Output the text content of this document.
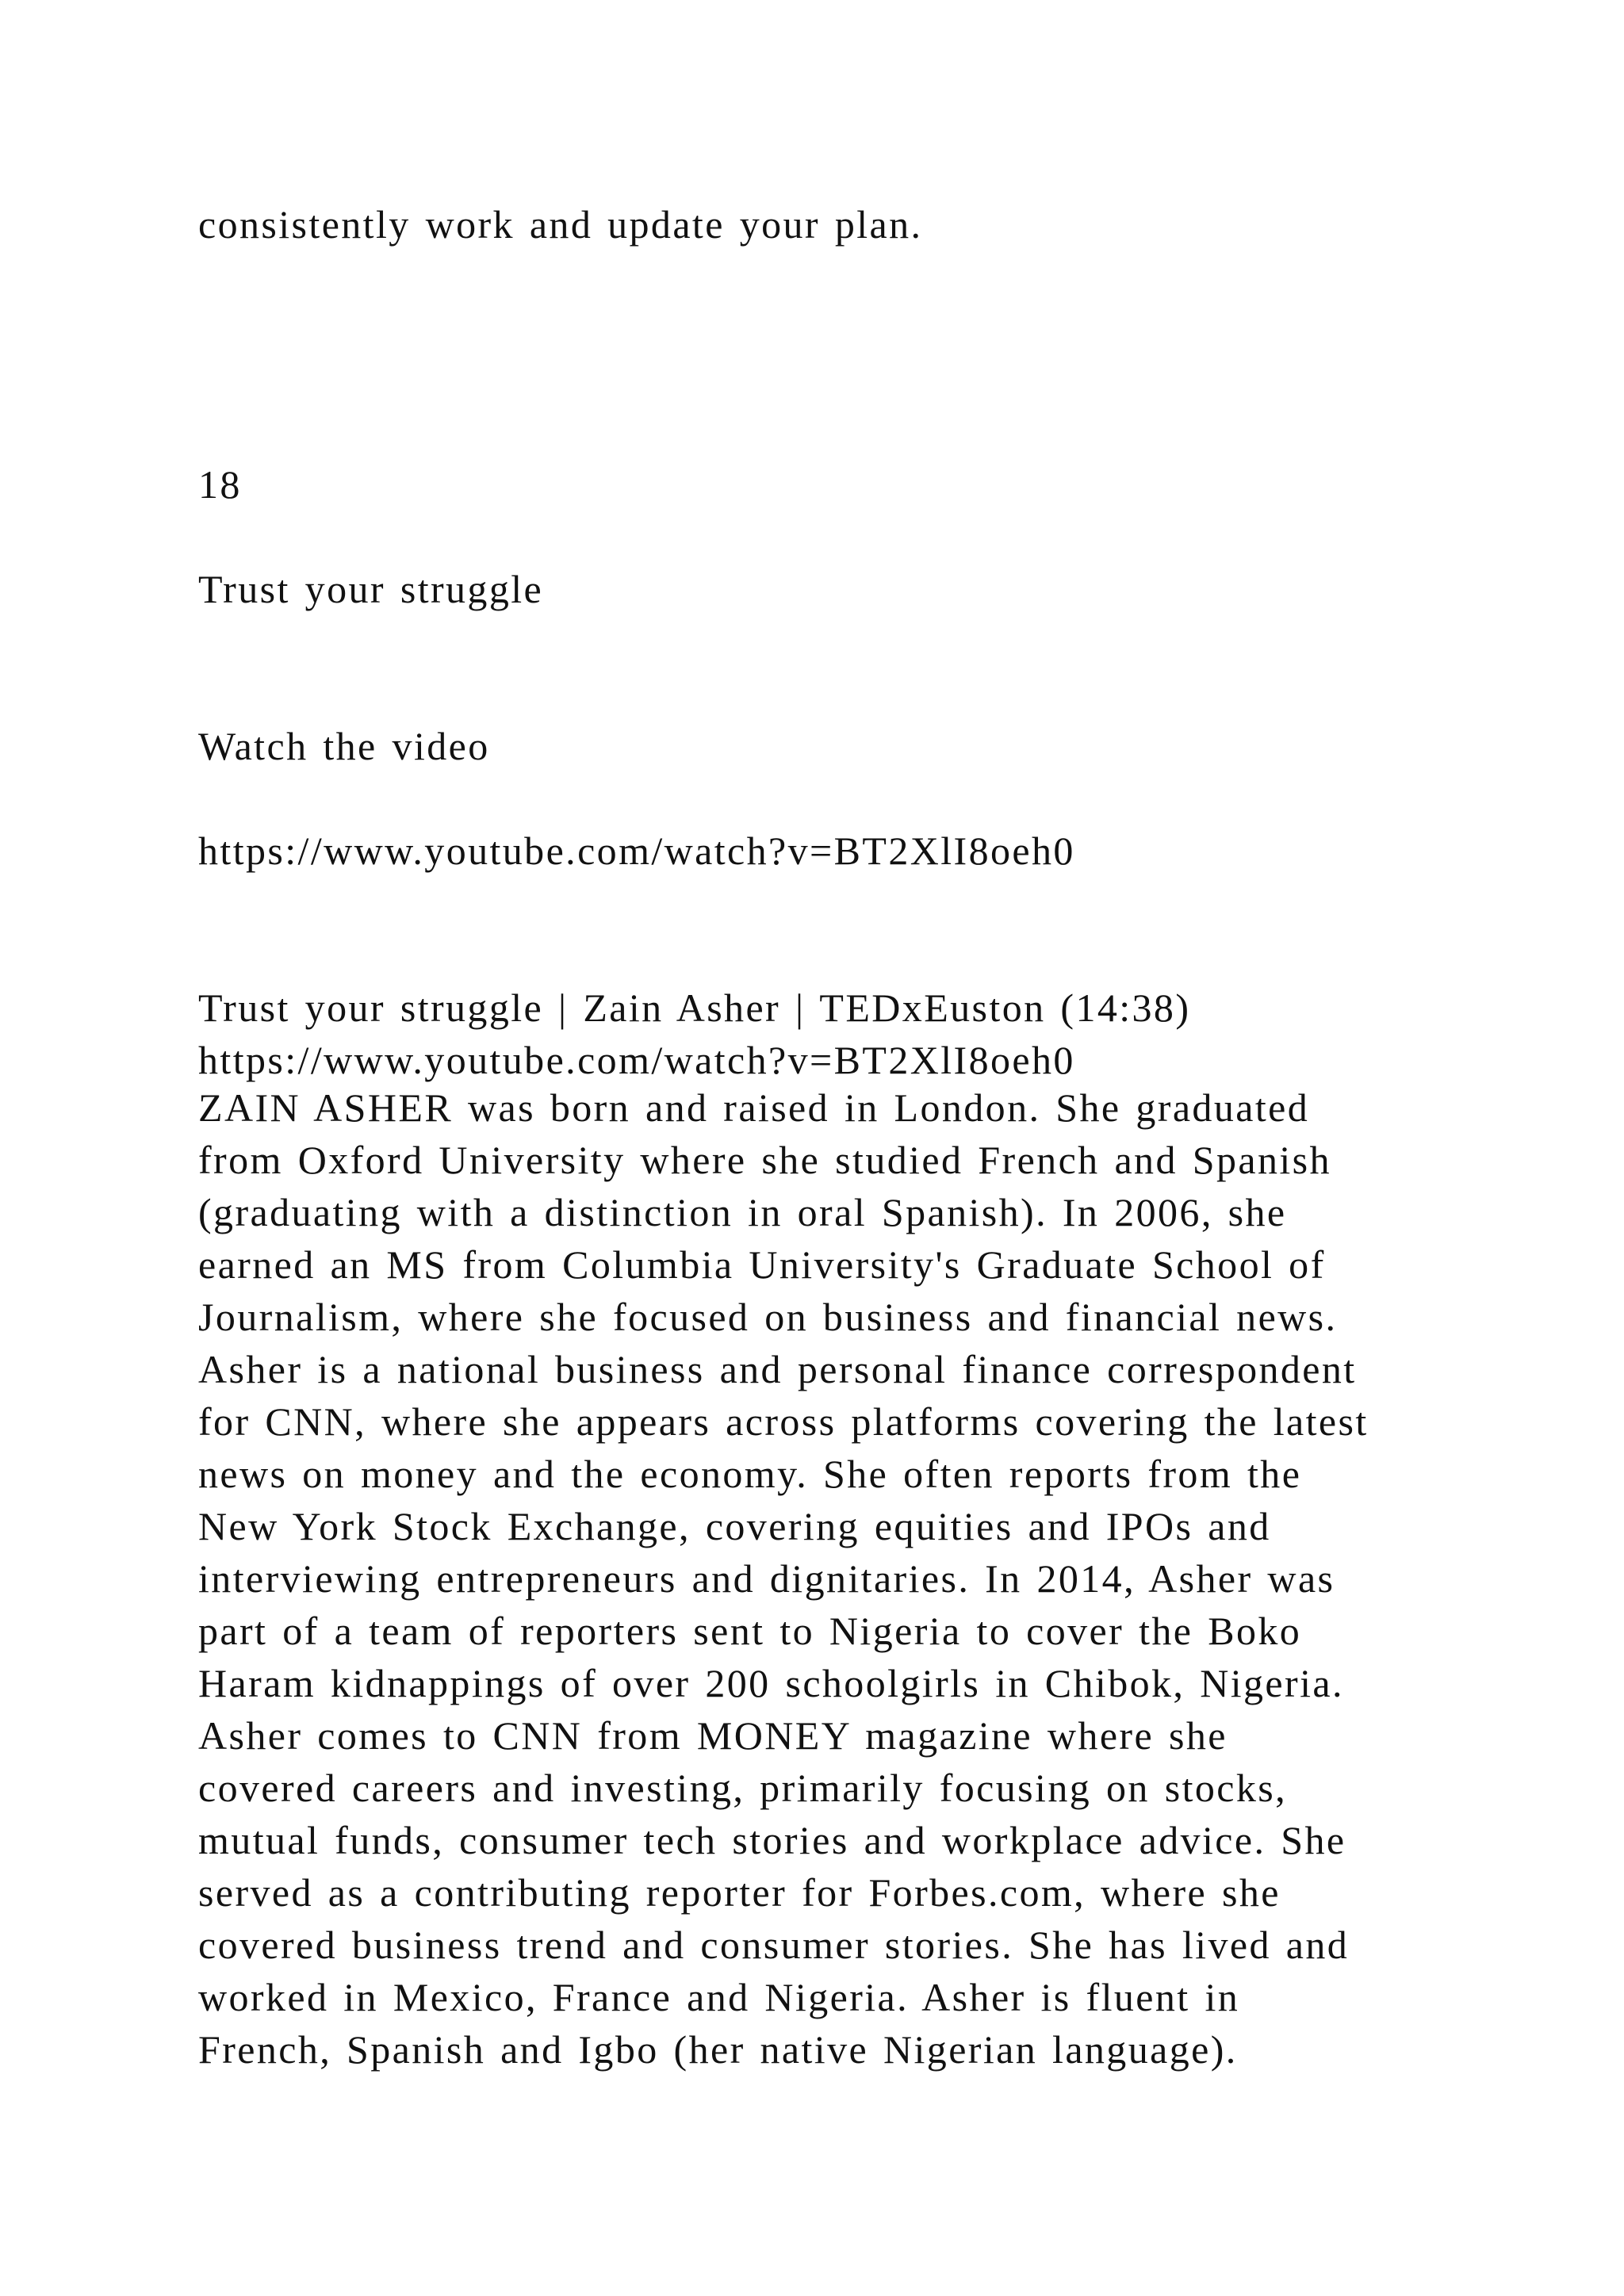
consistently work and update your plan.

18

Trust your struggle

Watch the video

https://www.youtube.com/watch?v=BT2XlI8oeh0

Trust your struggle | Zain Asher | TEDxEuston (14:38)

https://www.youtube.com/watch?v=BT2XlI8oeh0

ZAIN ASHER was born and raised in London. She graduated
from Oxford University where she studied French and Spanish
(graduating with a distinction in oral Spanish). In 2006, she
earned an MS from Columbia University's Graduate School of
Journalism, where she focused on business and financial news.
Asher is a national business and personal finance correspondent
for CNN, where she appears across platforms covering the latest
news on money and the economy. She often reports from the
New York Stock Exchange, covering equities and IPOs and
interviewing entrepreneurs and dignitaries. In 2014, Asher was
part of a team of reporters sent to Nigeria to cover the Boko
Haram kidnappings of over 200 schoolgirls in Chibok, Nigeria.
Asher comes to CNN from MONEY magazine where she
covered careers and investing, primarily focusing on stocks,
mutual funds, consumer tech stories and workplace advice. She
served as a contributing reporter for Forbes.com, where she
covered business trend and consumer stories. She has lived and
worked in Mexico, France and Nigeria. Asher is fluent in
French, Spanish and Igbo (her native Nigerian language).
